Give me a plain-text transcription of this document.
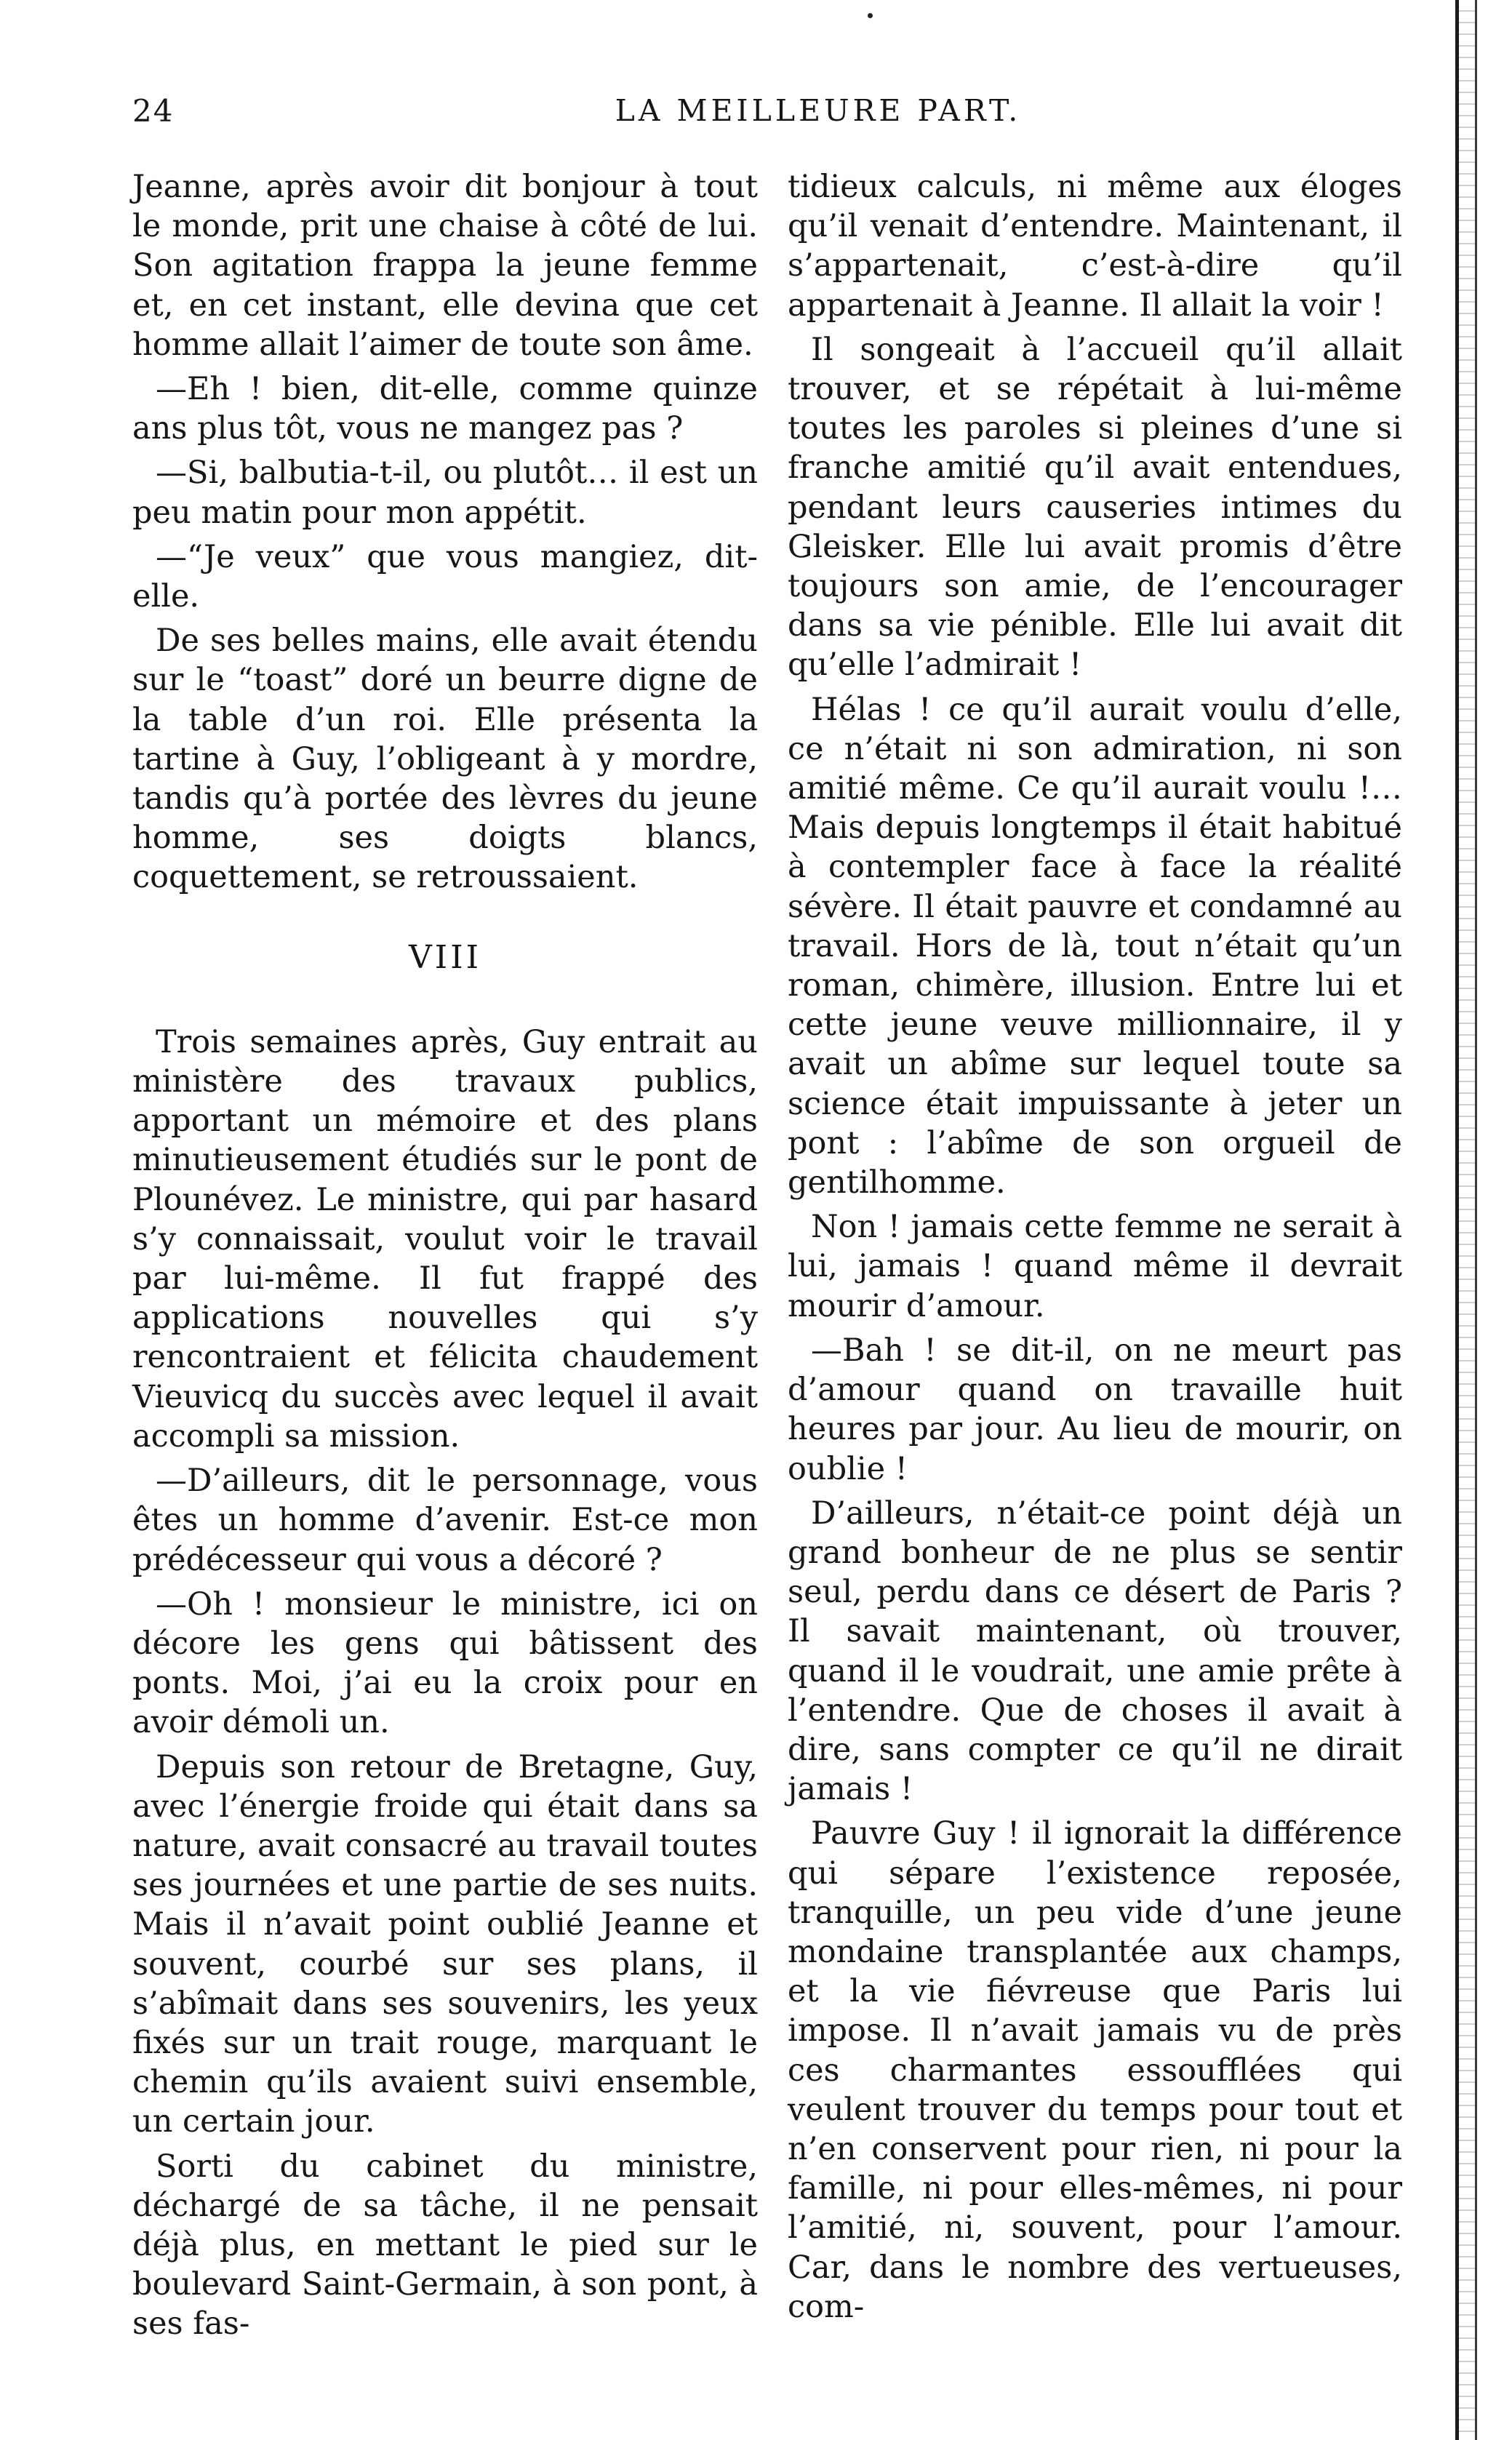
24	LA MEILLEURE PART.

Jeanne, après avoir dit bonjour à tout le monde, prit une chaise à côté de lui. Son agitation frappa la jeune femme et, en cet instant, elle devina que cet homme allait l’aimer de toute son âme.

—Eh ! bien, dit-elle, comme quinze ans plus tôt, vous ne mangez pas ?

—Si, balbutia-t-il, ou plutôt… il est un peu matin pour mon appétit.

—“Je veux” que vous mangiez, dit-elle.

De ses belles mains, elle avait étendu sur le “toast” doré un beurre digne de la table d’un roi. Elle présenta la tartine à Guy, l’obligeant à y mordre, tandis qu’à portée des lèvres du jeune homme, ses doigts blancs, coquettement, se retroussaient.

VIII

Trois semaines après, Guy entrait au ministère des travaux publics, apportant un mémoire et des plans minutieusement étudiés sur le pont de Plounévez. Le ministre, qui par hasard s’y connaissait, voulut voir le travail par lui-même. Il fut frappé des applications nouvelles qui s’y rencontraient et félicita chaudement Vieuvicq du succès avec lequel il avait accompli sa mission.

—D’ailleurs, dit le personnage, vous êtes un homme d’avenir. Est-ce mon prédécesseur qui vous a décoré ?

—Oh ! monsieur le ministre, ici on décore les gens qui bâtissent des ponts. Moi, j’ai eu la croix pour en avoir démoli un.

Depuis son retour de Bretagne, Guy, avec l’énergie froide qui était dans sa nature, avait consacré au travail toutes ses journées et une partie de ses nuits. Mais il n’avait point oublié Jeanne et souvent, courbé sur ses plans, il s’abîmait dans ses souvenirs, les yeux fixés sur un trait rouge, marquant le chemin qu’ils avaient suivi ensemble, un certain jour.

Sorti du cabinet du ministre, déchargé de sa tâche, il ne pensait déjà plus, en mettant le pied sur le boulevard Saint-Germain, à son pont, à ses fas-

tidieux calculs, ni même aux éloges qu’il venait d’entendre. Maintenant, il s’appartenait, c’est-à-dire qu’il appartenait à Jeanne. Il allait la voir !

Il songeait à l’accueil qu’il allait trouver, et se répétait à lui-même toutes les paroles si pleines d’une si franche amitié qu’il avait entendues, pendant leurs causeries intimes du Gleisker. Elle lui avait promis d’être toujours son amie, de l’encourager dans sa vie pénible. Elle lui avait dit qu’elle l’admirait !

Hélas ! ce qu’il aurait voulu d’elle, ce n’était ni son admiration, ni son amitié même. Ce qu’il aurait voulu !… Mais depuis longtemps il était habitué à contempler face à face la réalité sévère. Il était pauvre et condamné au travail. Hors de là, tout n’était qu’un roman, chimère, illusion. Entre lui et cette jeune veuve millionnaire, il y avait un abîme sur lequel toute sa science était impuissante à jeter un pont : l’abîme de son orgueil de gentilhomme.

Non ! jamais cette femme ne serait à lui, jamais ! quand même il devrait mourir d’amour.

—Bah ! se dit-il, on ne meurt pas d’amour quand on travaille huit heures par jour. Au lieu de mourir, on oublie !

D’ailleurs, n’était-ce point déjà un grand bonheur de ne plus se sentir seul, perdu dans ce désert de Paris ? Il savait maintenant, où trouver, quand il le voudrait, une amie prête à l’entendre. Que de choses il avait à dire, sans compter ce qu’il ne dirait jamais !

Pauvre Guy ! il ignorait la différence qui sépare l’existence reposée, tranquille, un peu vide d’une jeune mondaine transplantée aux champs, et la vie fiévreuse que Paris lui impose. Il n’avait jamais vu de près ces charmantes essoufflées qui veulent trouver du temps pour tout et n’en conservent pour rien, ni pour la famille, ni pour elles-mêmes, ni pour l’amitié, ni, souvent, pour l’amour. Car, dans le nombre des vertueuses, com-
